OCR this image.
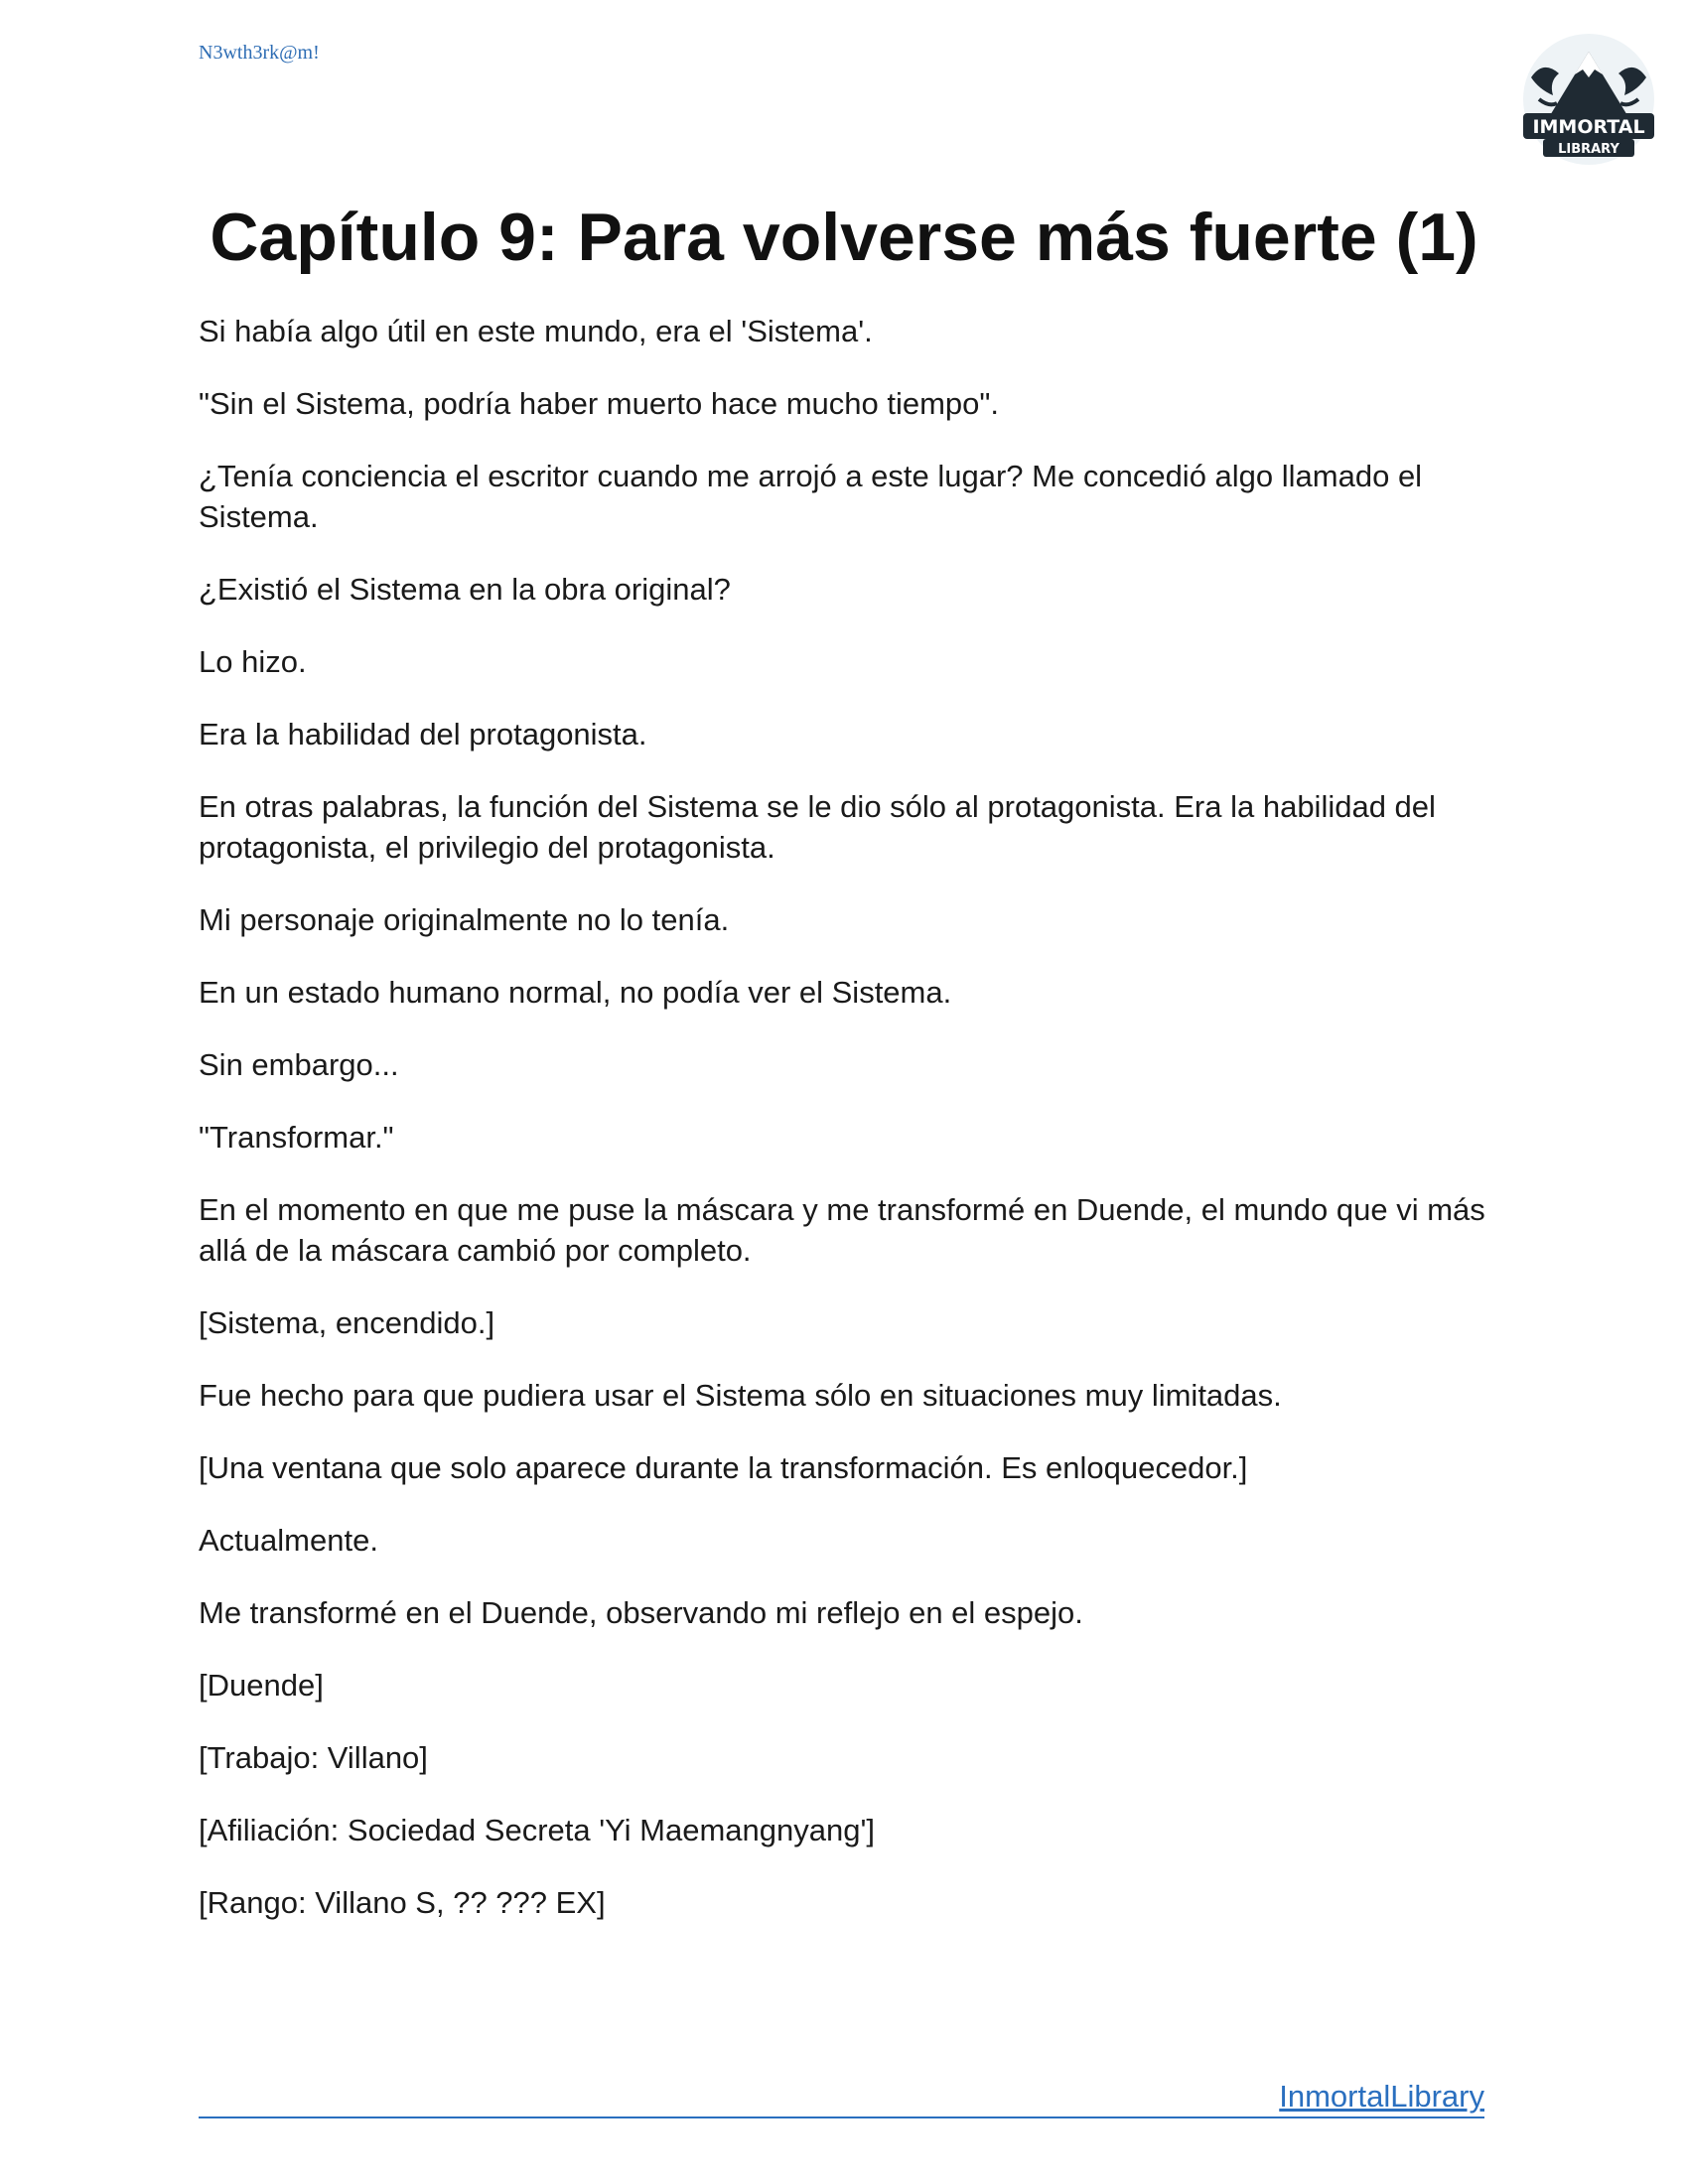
N3wth3rk@m!
IMMORTAL
LIBRARY
Capítulo 9: Para volverse más fuerte (1)

Si había algo útil en este mundo, era el 'Sistema'.

"Sin el Sistema, podría haber muerto hace mucho tiempo".

¿Tenía conciencia el escritor cuando me arrojó a este lugar? Me concedió algo llamado el Sistema.

¿Existió el Sistema en la obra original?

Lo hizo.

Era la habilidad del protagonista.

En otras palabras, la función del Sistema se le dio sólo al protagonista. Era la habilidad del protagonista, el privilegio del protagonista.

Mi personaje originalmente no lo tenía.

En un estado humano normal, no podía ver el Sistema.

Sin embargo...

"Transformar."

En el momento en que me puse la máscara y me transformé en Duende, el mundo que vi más allá de la máscara cambió por completo.

[Sistema, encendido.]

Fue hecho para que pudiera usar el Sistema sólo en situaciones muy limitadas.

[Una ventana que solo aparece durante la transformación. Es enloquecedor.]

Actualmente.

Me transformé en el Duende, observando mi reflejo en el espejo.

[Duende]

[Trabajo: Villano]

[Afiliación: Sociedad Secreta 'Yi Maemangnyang']

[Rango: Villano S, ?? ??? EX]

InmortalLibrary
